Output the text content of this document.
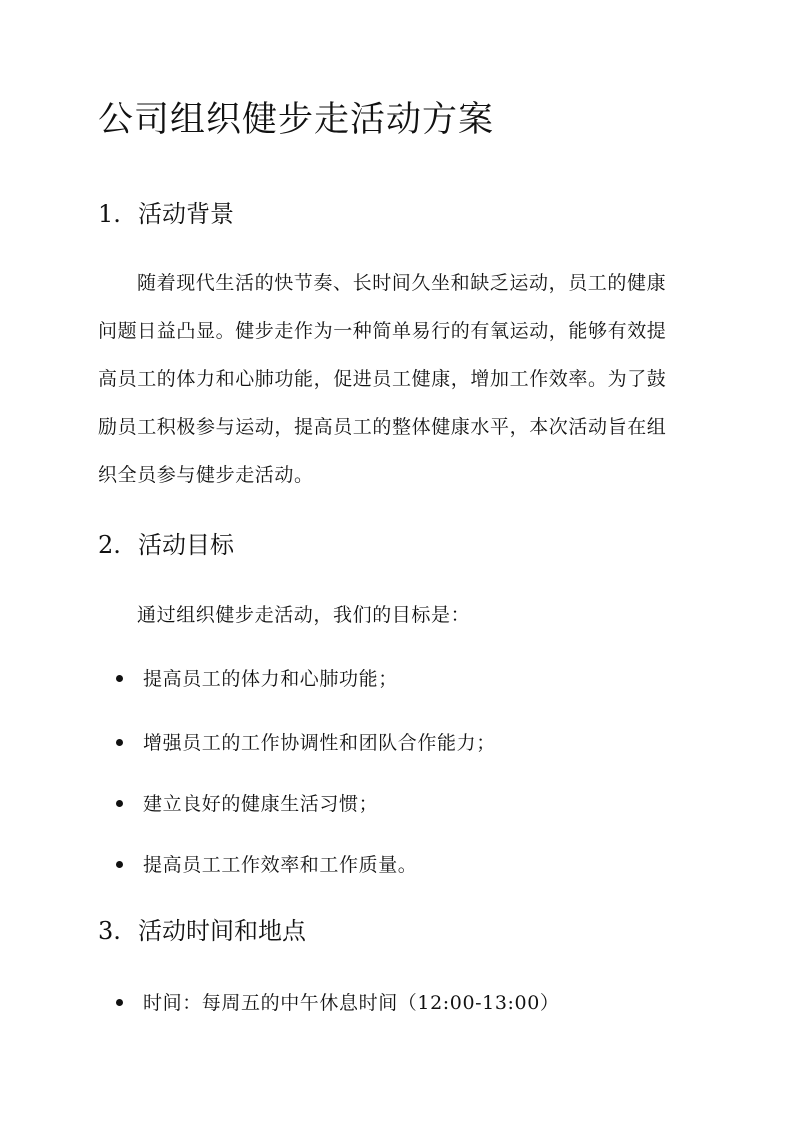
公司组织健步走活动方案
1. 活动背景
随着现代生活的快节奏、长时间久坐和缺乏运动，员工的健康
问题日益凸显。健步走作为一种简单易行的有氧运动，能够有效提
高员工的体力和心肺功能，促进员工健康，增加工作效率。为了鼓
励员工积极参与运动，提高员工的整体健康水平，本次活动旨在组
织全员参与健步走活动。
2. 活动目标
通过组织健步走活动，我们的目标是：
提高员工的体力和心肺功能；
增强员工的工作协调性和团队合作能力；
建立良好的健康生活习惯；
提高员工工作效率和工作质量。
3. 活动时间和地点
时间：每周五的中午休息时间（12:00-13:00）
